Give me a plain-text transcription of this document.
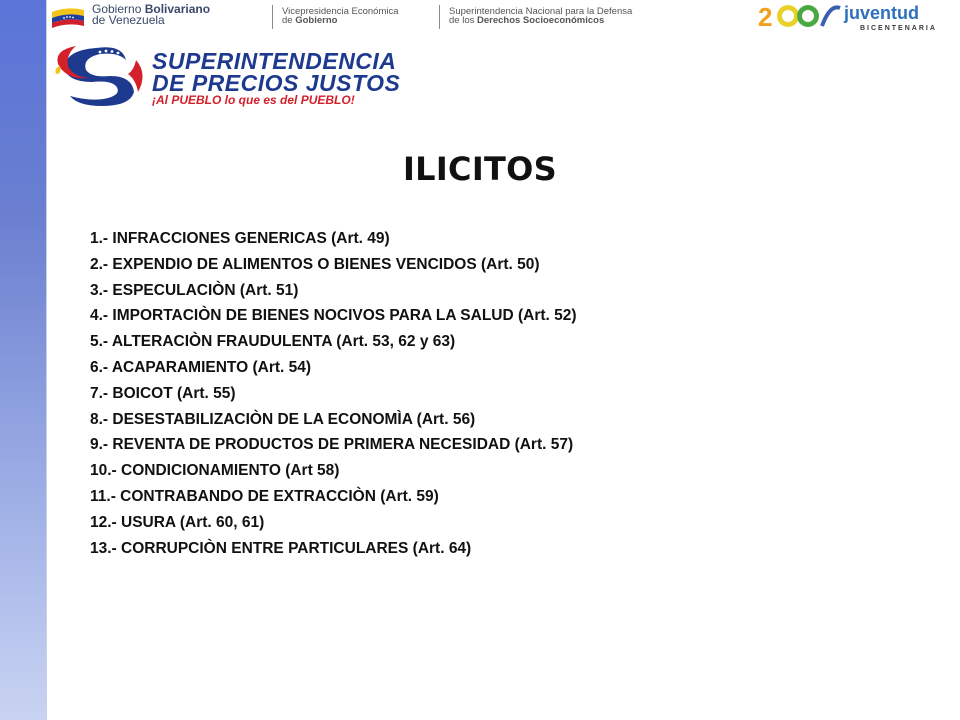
Gobierno Bolivariano
de Venezuela
Vicepresidencia Económica
de Gobierno
Superintendencia Nacional para la Defensa
de los Derechos Socioeconómicos	2	juventud
BICENTENARIA
SUPERINTENDENCIA
DE PRECIOS JUSTOS
¡Al PUEBLO lo que es del PUEBLO!
ILICITOS
1.- INFRACCIONES GENERICAS (Art. 49)
2.- EXPENDIO DE ALIMENTOS O BIENES VENCIDOS (Art. 50)
3.- ESPECULACIÒN (Art. 51)
4.- IMPORTACIÒN DE BIENES NOCIVOS PARA LA SALUD (Art. 52)
5.- ALTERACIÒN FRAUDULENTA (Art. 53, 62 y 63)
6.- ACAPARAMIENTO (Art. 54)
7.- BOICOT (Art. 55)
8.- DESESTABILIZACIÒN DE LA ECONOMÌA (Art. 56)
9.- REVENTA DE PRODUCTOS DE PRIMERA NECESIDAD (Art. 57)
10.- CONDICIONAMIENTO (Art 58)
11.- CONTRABANDO DE EXTRACCIÒN (Art. 59)
12.- USURA (Art. 60, 61)
13.- CORRUPCIÒN ENTRE PARTICULARES (Art. 64)
